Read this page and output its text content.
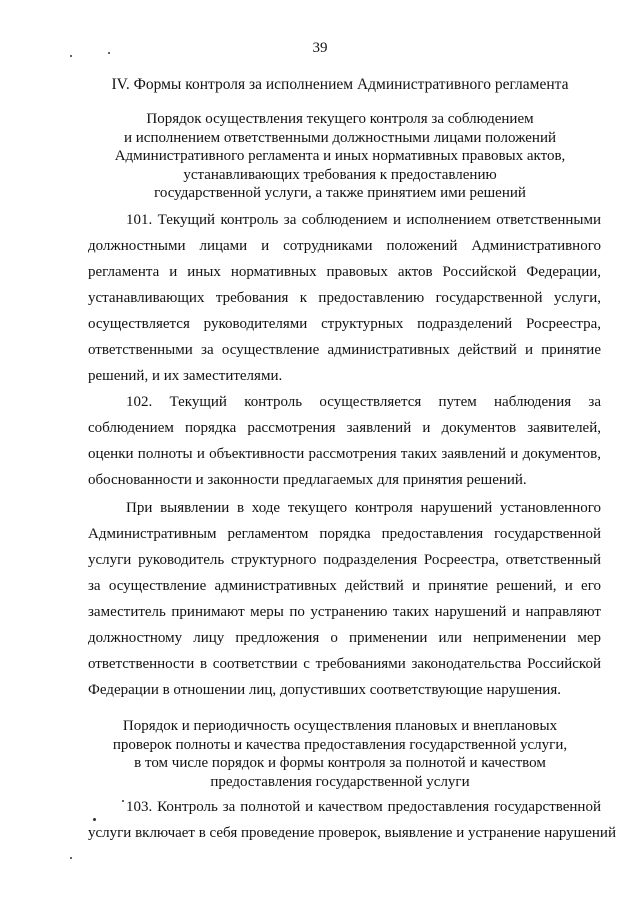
39
IV. Формы контроля за исполнением Административного регламента
Порядок осуществления текущего контроля за соблюдением
и исполнением ответственными должностными лицами положений
Административного регламента и иных нормативных правовых актов,
устанавливающих требования к предоставлению
государственной услуги, а также принятием ими решений
101. Текущий контроль за соблюдением и исполнением ответственными
должностными лицами и сотрудниками положений Административного
регламента и иных нормативных правовых актов Российской Федерации,
устанавливающих требования к предоставлению государственной услуги,
осуществляется руководителями структурных подразделений Росреестра,
ответственными за осуществление административных действий и принятие
решений, и их заместителями.
102. Текущий контроль осуществляется путем наблюдения за
соблюдением порядка рассмотрения заявлений и документов заявителей,
оценки полноты и объективности рассмотрения таких заявлений и документов,
обоснованности и законности предлагаемых для принятия решений.
При выявлении в ходе текущего контроля нарушений установленного
Административным регламентом порядка предоставления государственной
услуги руководитель структурного подразделения Росреестра, ответственный
за осуществление административных действий и принятие решений, и его
заместитель принимают меры по устранению таких нарушений и направляют
должностному лицу предложения о применении или неприменении мер
ответственности в соответствии с требованиями законодательства Российской
Федерации в отношении лиц, допустивших соответствующие нарушения.
Порядок и периодичность осуществления плановых и внеплановых
проверок полноты и качества предоставления государственной услуги,
в том числе порядок и формы контроля за полнотой и качеством
предоставления государственной услуги
103. Контроль за полнотой и качеством предоставления государственной
услуги включает в себя проведение проверок, выявление и устранение нарушений
